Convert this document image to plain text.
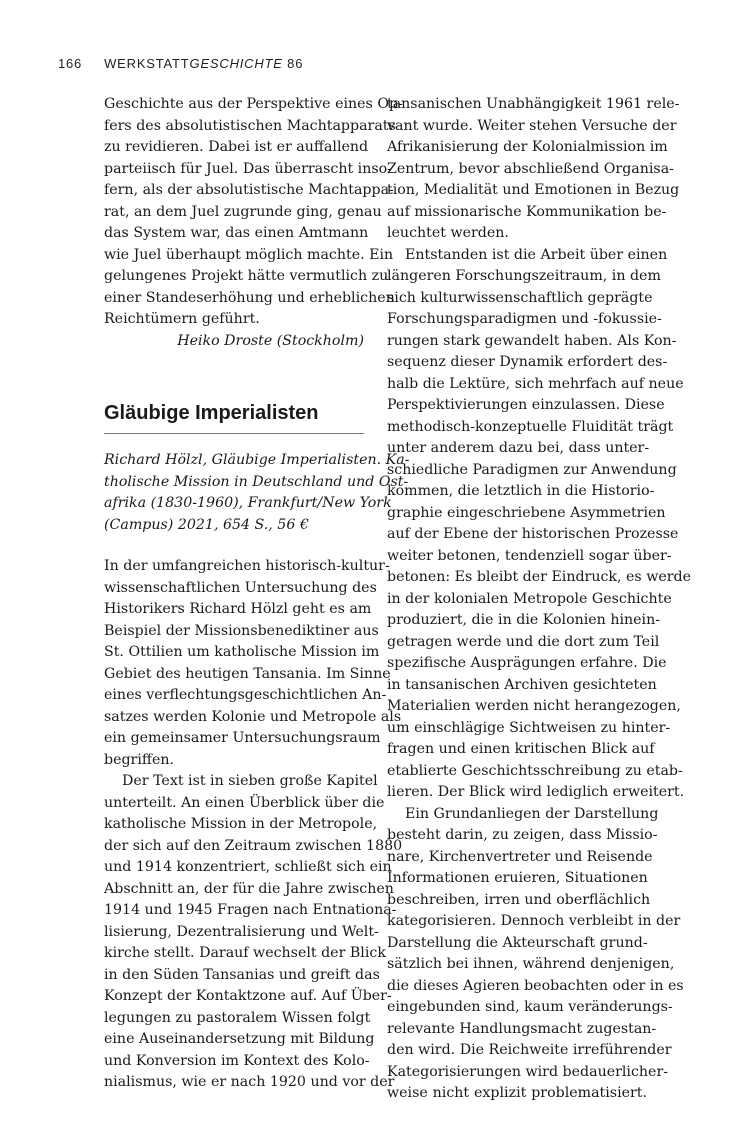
166 WERKSTATTGESCHICHTE 86
Geschichte aus der Perspektive eines Op-
fers des absolutistischen Machtapparats
zu revidieren. Dabei ist er auffallend
parteiisch für Juel. Das überrascht inso-
fern, als der absolutistische Machtappa-
rat, an dem Juel zugrunde ging, genau
das System war, das einen Amtmann
wie Juel überhaupt möglich machte. Ein
gelungenes Projekt hätte vermutlich zu
einer Standeserhöhung und erheblichen
Reichtümern geführt.
Heiko Droste (Stockholm)
Gläubige Imperialisten
Richard Hölzl, Gläubige Imperialisten. Ka-
tholische Mission in Deutschland und Ost-
afrika (1830-1960), Frankfurt/New York
(Campus) 2021, 654 S., 56 €
In der umfangreichen historisch-kultur-
wissenschaftlichen Untersuchung des
Historikers Richard Hölzl geht es am
Beispiel der Missionsbenediktiner aus
St. Ottilien um katholische Mission im
Gebiet des heutigen Tansania. Im Sinne
eines verflechtungsgeschichtlichen An-
satzes werden Kolonie und Metropole als
ein gemeinsamer Untersuchungsraum
begriffen.
Der Text ist in sieben große Kapitel
unterteilt. An einen Überblick über die
katholische Mission in der Metropole,
der sich auf den Zeitraum zwischen 1880
und 1914 konzentriert, schließt sich ein
Abschnitt an, der für die Jahre zwischen
1914 und 1945 Fragen nach Entnationa-
lisierung, Dezentralisierung und Welt-
kirche stellt. Darauf wechselt der Blick
in den Süden Tansanias und greift das
Konzept der Kontaktzone auf. Auf Über-
legungen zu pastoralem Wissen folgt
eine Auseinandersetzung mit Bildung
und Konversion im Kontext des Kolo-
nialismus, wie er nach 1920 und vor der
tansanischen Unabhängigkeit 1961 rele-
vant wurde. Weiter stehen Versuche der
Afrikanisierung der Kolonialmission im
Zentrum, bevor abschließend Organisa-
tion, Medialität und Emotionen in Bezug
auf missionarische Kommunikation be-
leuchtet werden.
Entstanden ist die Arbeit über einen
längeren Forschungszeitraum, in dem
sich kulturwissenschaftlich geprägte
Forschungsparadigmen und -fokussie-
rungen stark gewandelt haben. Als Kon-
sequenz dieser Dynamik erfordert des-
halb die Lektüre, sich mehrfach auf neue
Perspektivierungen einzulassen. Diese
methodisch-konzeptuelle Fluidität trägt
unter anderem dazu bei, dass unter-
schiedliche Paradigmen zur Anwendung
kommen, die letztlich in die Historio-
graphie eingeschriebene Asymmetrien
auf der Ebene der historischen Prozesse
weiter betonen, tendenziell sogar über-
betonen: Es bleibt der Eindruck, es werde
in der kolonialen Metropole Geschichte
produziert, die in die Kolonien hinein-
getragen werde und die dort zum Teil
spezifische Ausprägungen erfahre. Die
in tansanischen Archiven gesichteten
Materialien werden nicht herangezogen,
um einschlägige Sichtweisen zu hinter-
fragen und einen kritischen Blick auf
etablierte Geschichtsschreibung zu etab-
lieren. Der Blick wird lediglich erweitert.
Ein Grundanliegen der Darstellung
besteht darin, zu zeigen, dass Missio-
nare, Kirchenvertreter und Reisende
Informationen eruieren, Situationen
beschreiben, irren und oberflächlich
kategorisieren. Dennoch verbleibt in der
Darstellung die Akteurschaft grund-
sätzlich bei ihnen, während denjenigen,
die dieses Agieren beobachten oder in es
eingebunden sind, kaum veränderungs-
relevante Handlungsmacht zugestan-
den wird. Die Reichweite irreführender
Kategorisierungen wird bedauerlicher-
weise nicht explizit problematisiert.
